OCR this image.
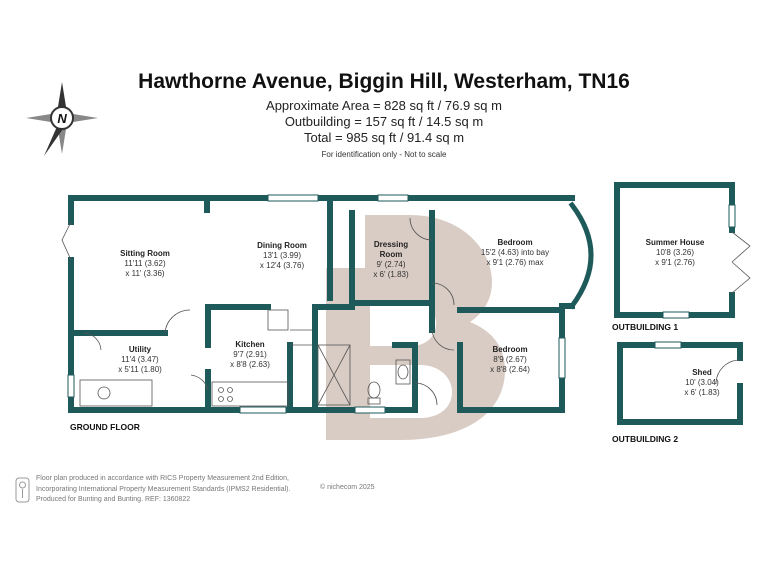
Hawthorne Avenue, Biggin Hill, Westerham, TN16
Approximate Area = 828 sq ft / 76.9 sq m
Outbuilding = 157 sq ft / 14.5 sq m
Total = 985 sq ft / 91.4 sq m
For identification only - Not to scale
N
Sitting Room
11'11 (3.62)
x 11' (3.36)
Dining Room
13'1 (3.99)
x 12'4 (3.76)
Dressing
Room
9' (2.74)
x 6' (1.83)
Bedroom
15'2 (4.63) into bay
x 9'1 (2.76) max
Utility
11'4 (3.47)
x 5'11 (1.80)
Kitchen
9'7 (2.91)
x 8'8 (2.63)
Bedroom
8'9 (2.67)
x 8'8 (2.64)
GROUND FLOOR
Summer House
10'8 (3.26)
x 9'1 (2.76)
OUTBUILDING 1
Shed
10' (3.04)
x 6' (1.83)
OUTBUILDING 2
Floor plan produced in accordance with RICS Property Measurement 2nd Edition,
Incorporating International Property Measurement Standards (IPMS2 Residential).
Produced for Bunting and Bunting. REF: 1360822
© nichecom 2025
